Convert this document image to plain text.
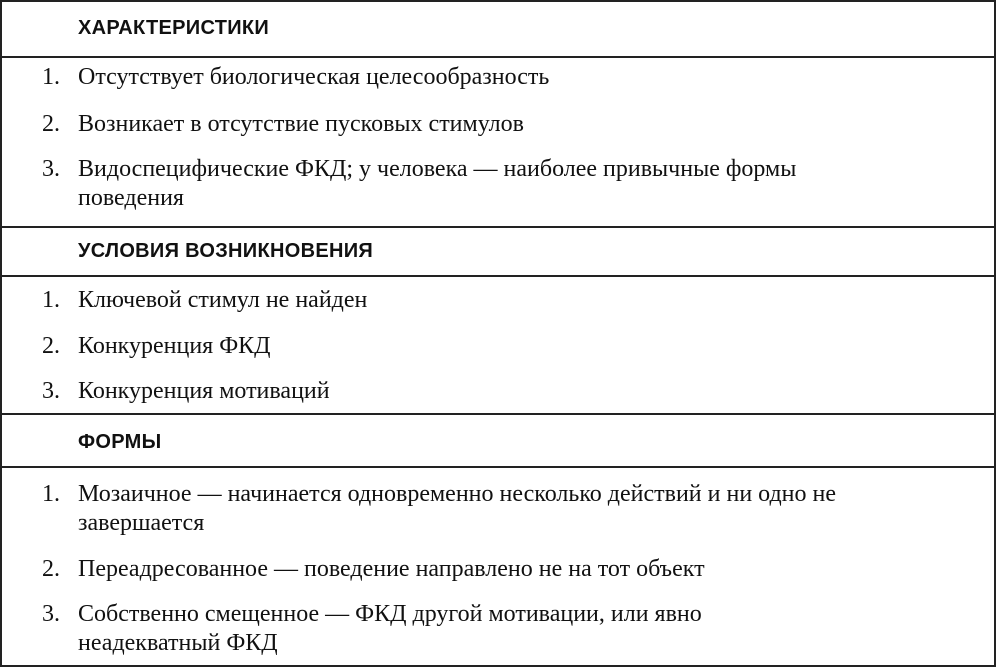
ХАРАКТЕРИСТИКИ
1. Отсутствует биологическая целесообразность
2. Возникает в отсутствие пусковых стимулов
3. Видоспецифические ФКД; у человека — наиболее привычные формы поведения
УСЛОВИЯ ВОЗНИКНОВЕНИЯ
1. Ключевой стимул не найден
2. Конкуренция ФКД
3. Конкуренция мотиваций
ФОРМЫ
1. Мозаичное — начинается одновременно несколько действий и ни одно не завершается
2. Переадресованное — поведение направлено не на тот объект
3. Собственно смещенное — ФКД другой мотивации, или явно неадекватный ФКД
